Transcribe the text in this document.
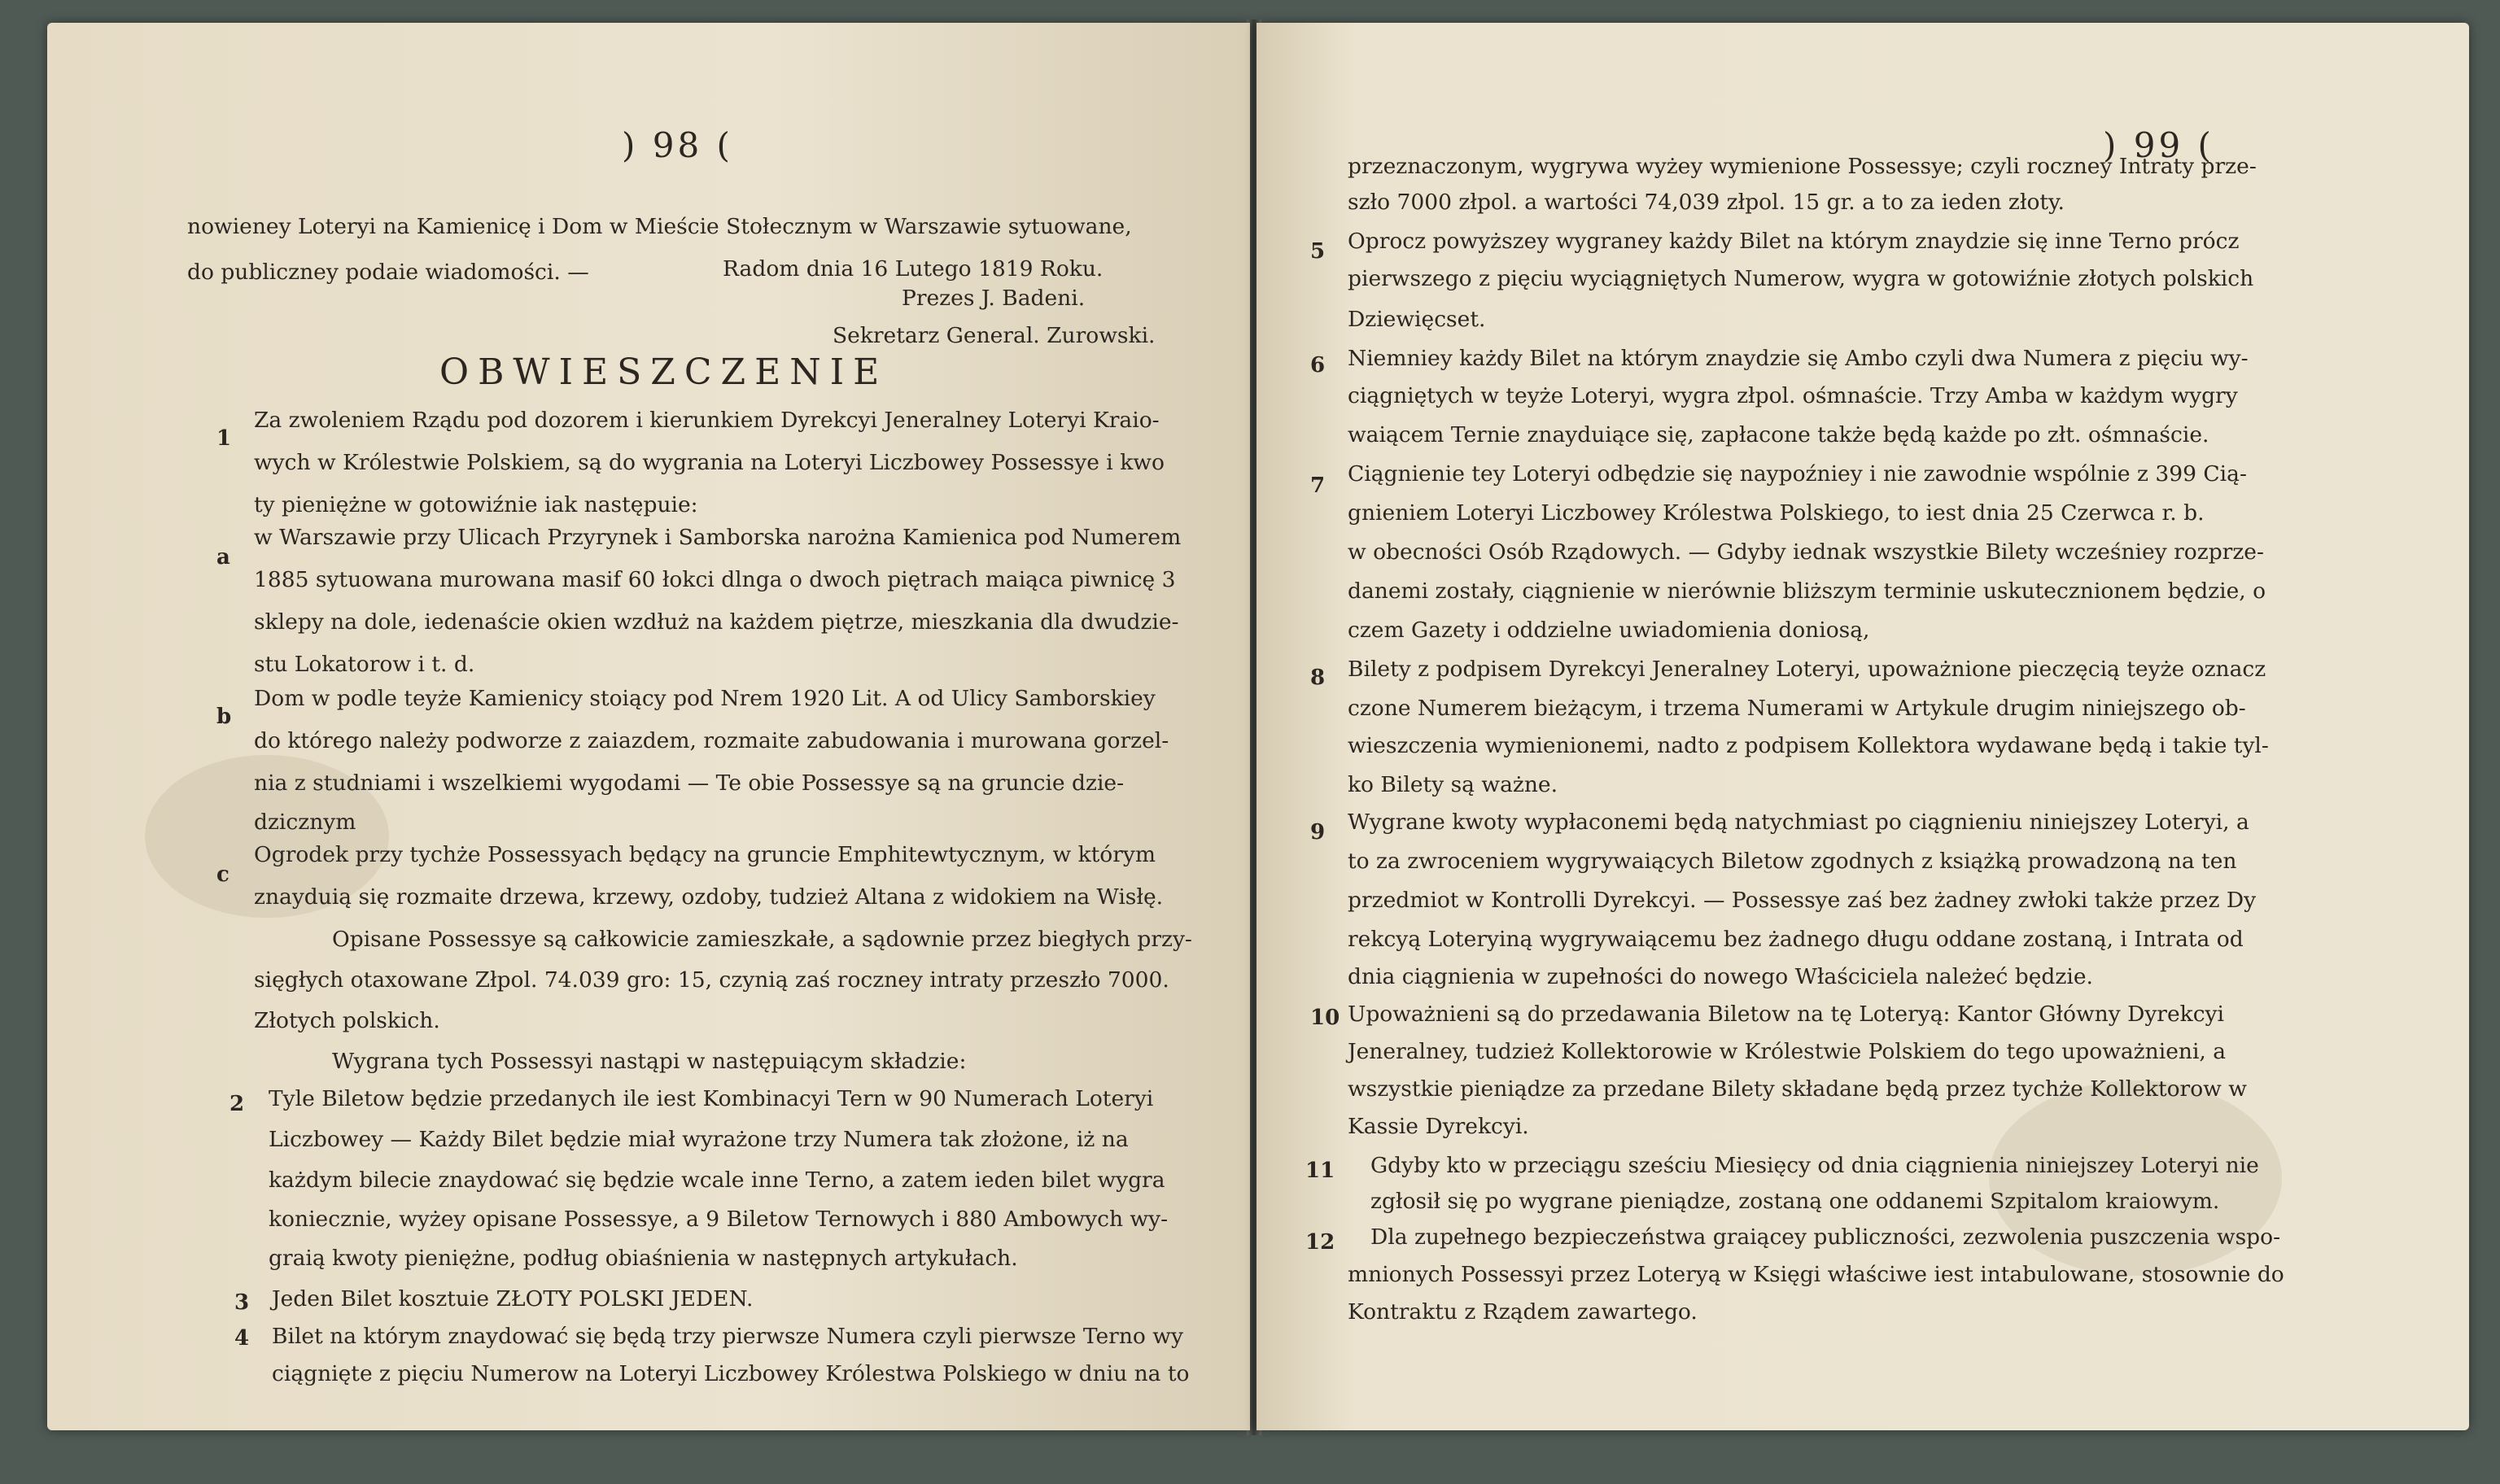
) 98 (
nowieney Loteryi na Kamienicę i Dom w Mieście Stołecznym w Warszawie sytuowane,
do publiczney podaie wiadomości. —	Radom dnia 16 Lutego 1819 Roku.
Prezes J. Badeni.
Sekretarz General. Zurowski.
OBWIESZCZENIE
1
Za zwoleniem Rządu pod dozorem i kierunkiem Dyrekcyi Jeneralney Loteryi Kraio-
wych w Królestwie Polskiem, są do wygrania na Loteryi Liczbowey Possessye i kwo
ty pieniężne w gotowiźnie iak następuie:
a
w Warszawie przy Ulicach Przyrynek i Samborska narożna Kamienica pod Numerem
1885 sytuowana murowana masif 60 łokci dlnga o dwoch piętrach maiąca piwnicę 3
sklepy na dole, iedenaście okien wzdłuż na każdem piętrze, mieszkania dla dwudzie-
stu Lokatorow i t. d.
b
Dom w podle teyże Kamienicy stoiący pod Nrem 1920 Lit. A od Ulicy Samborskiey
do którego należy podworze z zaiazdem, rozmaite zabudowania i murowana gorzel-
nia z studniami i wszelkiemi wygodami — Te obie Possessye są na gruncie dzie-
dzicznym
c
Ogrodek przy tychże Possessyach będący na gruncie Emphitewtycznym, w którym
znayduią się rozmaite drzewa, krzewy, ozdoby, tudzież Altana z widokiem na Wisłę.
Opisane Possessye są całkowicie zamieszkałe, a sądownie przez biegłych przy-
sięgłych otaxowane Złpol. 74.039 gro: 15, czynią zaś roczney intraty przeszło 7000.
Złotych polskich.
Wygrana tych Possessyi nastąpi w następuiącym składzie:
2 Tyle Biletow będzie przedanych ile iest Kombinacyi Tern w 90 Numerach Loteryi
Liczbowey — Każdy Bilet będzie miał wyrażone trzy Numera tak złożone, iż na
każdym bilecie znaydować się będzie wcale inne Terno, a zatem ieden bilet wygra
koniecznie, wyżey opisane Possessye, a 9 Biletow Ternowych i 880 Ambowych wy-
graią kwoty pieniężne, podług obiaśnienia w następnych artykułach.
3 Jeden Bilet kosztuie ZŁOTY POLSKI JEDEN.
4 Bilet na którym znaydować się będą trzy pierwsze Numera czyli pierwsze Terno wy
ciągnięte z pięciu Numerow na Loteryi Liczbowey Królestwa Polskiego w dniu na to
) 99 (
przeznaczonym, wygrywa wyżey wymienione Possessye; czyli roczney Intraty prze-
szło 7000 złpol. a wartości 74,039 złpol. 15 gr. a to za ieden złoty.
5 Oprocz powyższey wygraney każdy Bilet na którym znaydzie się inne Terno prócz
pierwszego z pięciu wyciągniętych Numerow, wygra w gotowiźnie złotych polskich
Dziewięcset.
6 Niemniey każdy Bilet na którym znaydzie się Ambo czyli dwa Numera z pięciu wy-
ciągniętych w teyże Loteryi, wygra złpol. ośmnaście. Trzy Amba w każdym wygry
waiącem Ternie znayduiące się, zapłacone także będą każde po złt. ośmnaście.
7 Ciągnienie tey Loteryi odbędzie się naypoźniey i nie zawodnie wspólnie z 399 Cią-
gnieniem Loteryi Liczbowey Królestwa Polskiego, to iest dnia 25 Czerwca r. b.
w obecności Osób Rządowych. — Gdyby iednak wszystkie Bilety wcześniey rozprze-
danemi zostały, ciągnienie w nierównie bliższym terminie uskutecznionem będzie, o
czem Gazety i oddzielne uwiadomienia doniosą,
8 Bilety z podpisem Dyrekcyi Jeneralney Loteryi, upoważnione pieczęcią teyże oznacz
czone Numerem bieżącym, i trzema Numerami w Artykule drugim niniejszego ob-
wieszczenia wymienionemi, nadto z podpisem Kollektora wydawane będą i takie tyl-
ko Bilety są ważne.
9 Wygrane kwoty wypłaconemi będą natychmiast po ciągnieniu niniejszey Loteryi, a
to za zwroceniem wygrywaiących Biletow zgodnych z książką prowadzoną na ten
przedmiot w Kontrolli Dyrekcyi. — Possessye zaś bez żadney zwłoki także przez Dy
rekcyą Loteryiną wygrywaiącemu bez żadnego długu oddane zostaną, i Intrata od
dnia ciągnienia w zupełności do nowego Właściciela należeć będzie.
10 Upoważnieni są do przedawania Biletow na tę Loteryą: Kantor Główny Dyrekcyi
Jeneralney, tudzież Kollektorowie w Królestwie Polskiem do tego upoważnieni, a
wszystkie pieniądze za przedane Bilety składane będą przez tychże Kollektorow w
Kassie Dyrekcyi.
11 Gdyby kto w przeciągu sześciu Miesięcy od dnia ciągnienia niniejszey Loteryi nie
zgłosił się po wygrane pieniądze, zostaną one oddanemi Szpitalom kraiowym.
12 Dla zupełnego bezpieczeństwa graiącey publiczności, zezwolenia puszczenia wspo-
mnionych Possessyi przez Loteryą w Księgi właściwe iest intabulowane, stosownie do
Kontraktu z Rządem zawartego.
